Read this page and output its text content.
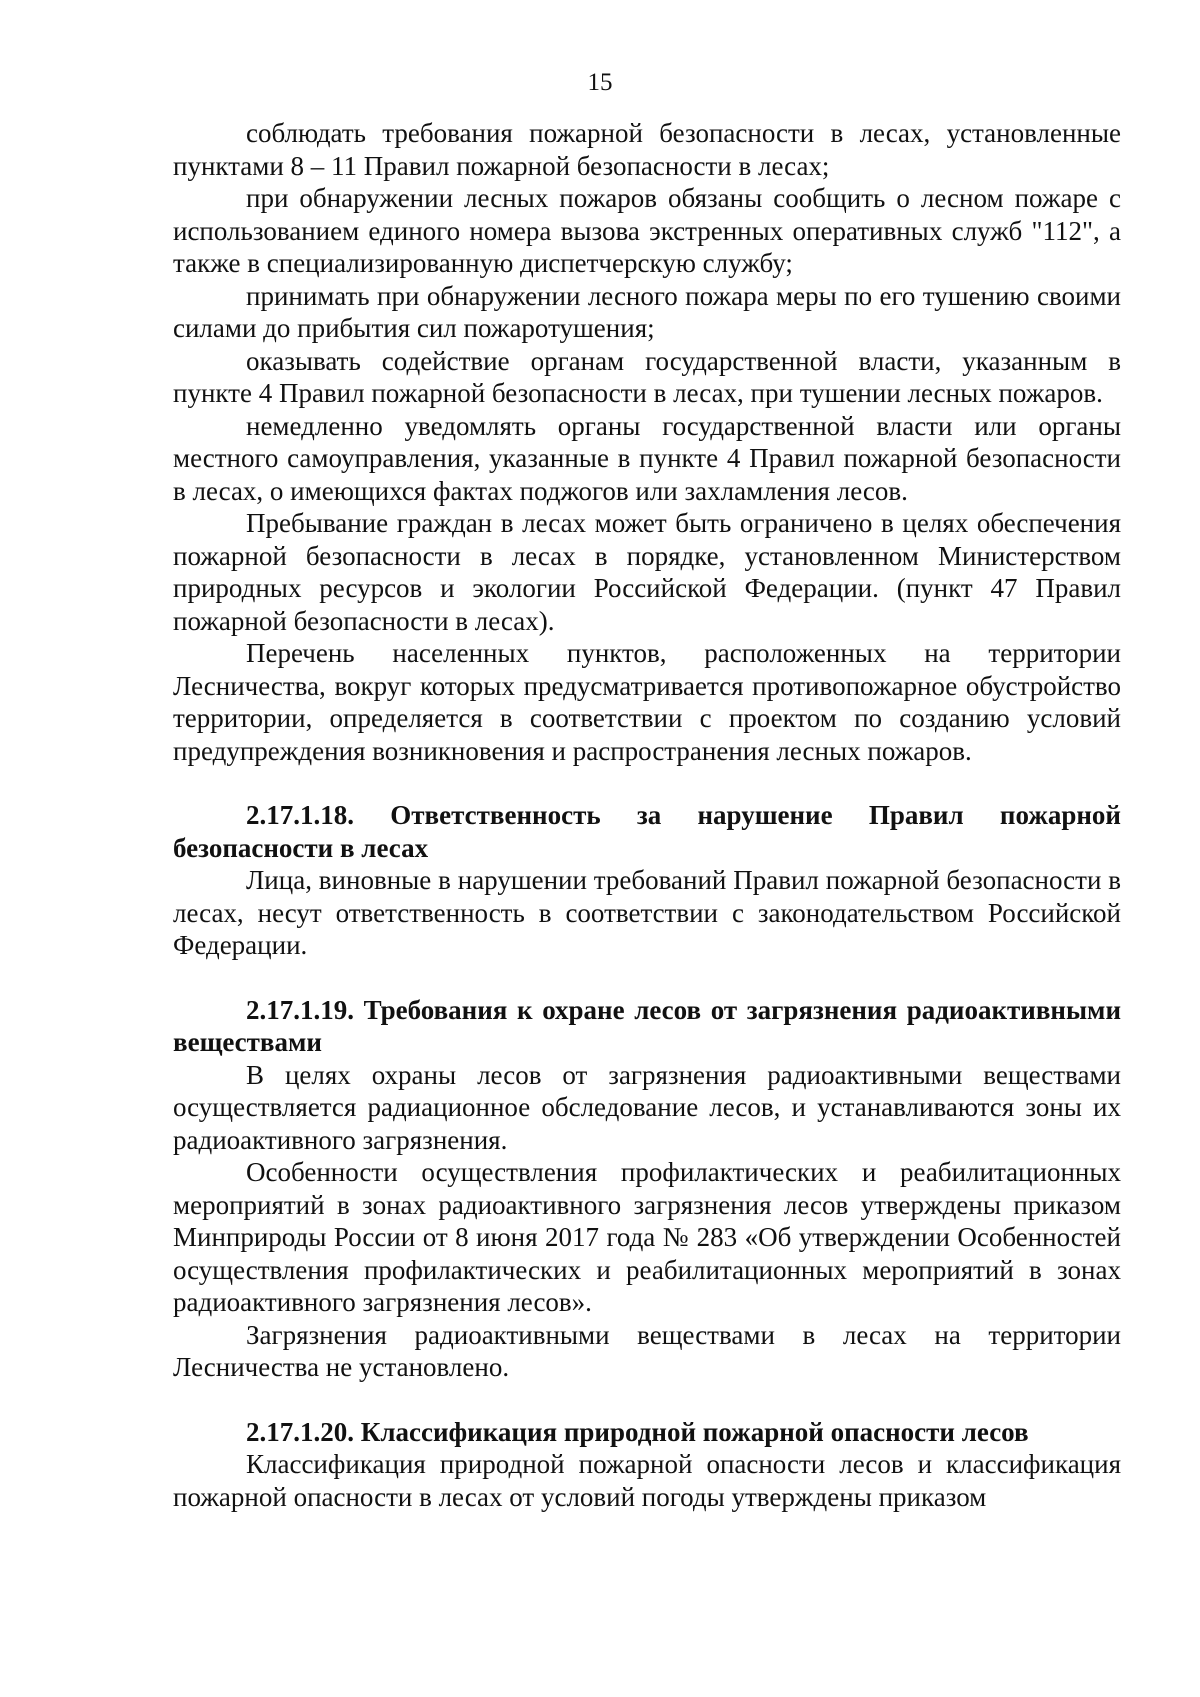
15

соблюдать требования пожарной безопасности в лесах, установленные пунктами 8 – 11 Правил пожарной безопасности в лесах;

при обнаружении лесных пожаров обязаны сообщить о лесном пожаре с использованием единого номера вызова экстренных оперативных служб "112", а также в специализированную диспетчерскую службу;

принимать при обнаружении лесного пожара меры по его тушению своими силами до прибытия сил пожаротушения;

оказывать содействие органам государственной власти, указанным в пункте 4 Правил пожарной безопасности в лесах, при тушении лесных пожаров.

немедленно уведомлять органы государственной власти или органы местного самоуправления, указанные в пункте 4 Правил пожарной безопасности в лесах, о имеющихся фактах поджогов или захламления лесов.

Пребывание граждан в лесах может быть ограничено в целях обеспечения пожарной безопасности в лесах в порядке, установленном Министерством природных ресурсов и экологии Российской Федерации. (пункт 47 Правил пожарной безопасности в лесах).

Перечень населенных пунктов, расположенных на территории Лесничества, вокруг которых предусматривается противопожарное обустройство территории, определяется в соответствии с проектом по созданию условий предупреждения возникновения и распространения лесных пожаров.

2.17.1.18. Ответственность за нарушение Правил пожарной безопасности в лесах

Лица, виновные в нарушении требований Правил пожарной безопасности в лесах, несут ответственность в соответствии с законодательством Российской Федерации.

2.17.1.19. Требования к охране лесов от загрязнения радиоактивными веществами

В целях охраны лесов от загрязнения радиоактивными веществами осуществляется радиационное обследование лесов, и устанавливаются зоны их радиоактивного загрязнения.

Особенности осуществления профилактических и реабилитационных мероприятий в зонах радиоактивного загрязнения лесов утверждены приказом Минприроды России от 8 июня 2017 года № 283 «Об утверждении Особенностей осуществления профилактических и реабилитационных мероприятий в зонах радиоактивного загрязнения лесов».

Загрязнения радиоактивными веществами в лесах на территории Лесничества не установлено.

2.17.1.20. Классификация природной пожарной опасности лесов

Классификация природной пожарной опасности лесов и классификация пожарной опасности в лесах от условий погоды утверждены приказом
